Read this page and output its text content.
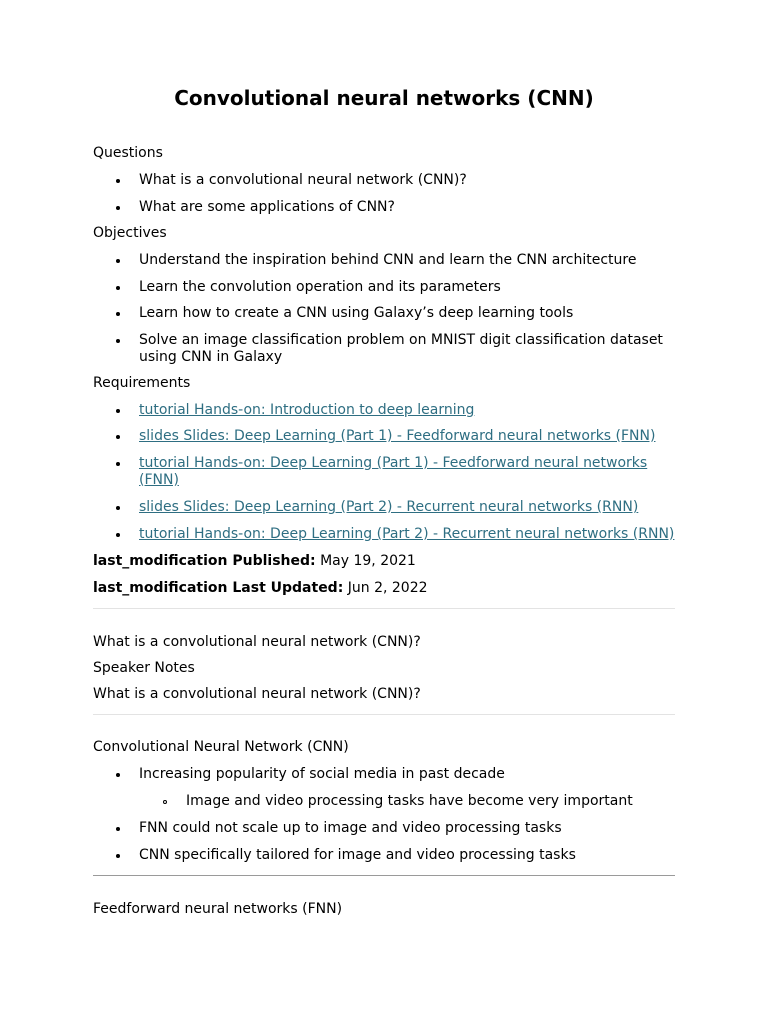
Convolutional neural networks (CNN)

Questions

What is a convolutional neural network (CNN)?
What are some applications of CNN?

Objectives

Understand the inspiration behind CNN and learn the CNN architecture
Learn the convolution operation and its parameters
Learn how to create a CNN using Galaxy’s deep learning tools
Solve an image classification problem on MNIST digit classification dataset using CNN in Galaxy

Requirements

tutorial Hands-on: Introduction to deep learning
slides Slides: Deep Learning (Part 1) - Feedforward neural networks (FNN)
tutorial Hands-on: Deep Learning (Part 1) - Feedforward neural networks (FNN)
slides Slides: Deep Learning (Part 2) - Recurrent neural networks (RNN)
tutorial Hands-on: Deep Learning (Part 2) - Recurrent neural networks (RNN)

last_modification Published: May 19, 2021

last_modification Last Updated: Jun 2, 2022

What is a convolutional neural network (CNN)?

Speaker Notes

What is a convolutional neural network (CNN)?

Convolutional Neural Network (CNN)

Increasing popularity of social media in past decade
Image and video processing tasks have become very important
FNN could not scale up to image and video processing tasks
CNN specifically tailored for image and video processing tasks

Feedforward neural networks (FNN)
